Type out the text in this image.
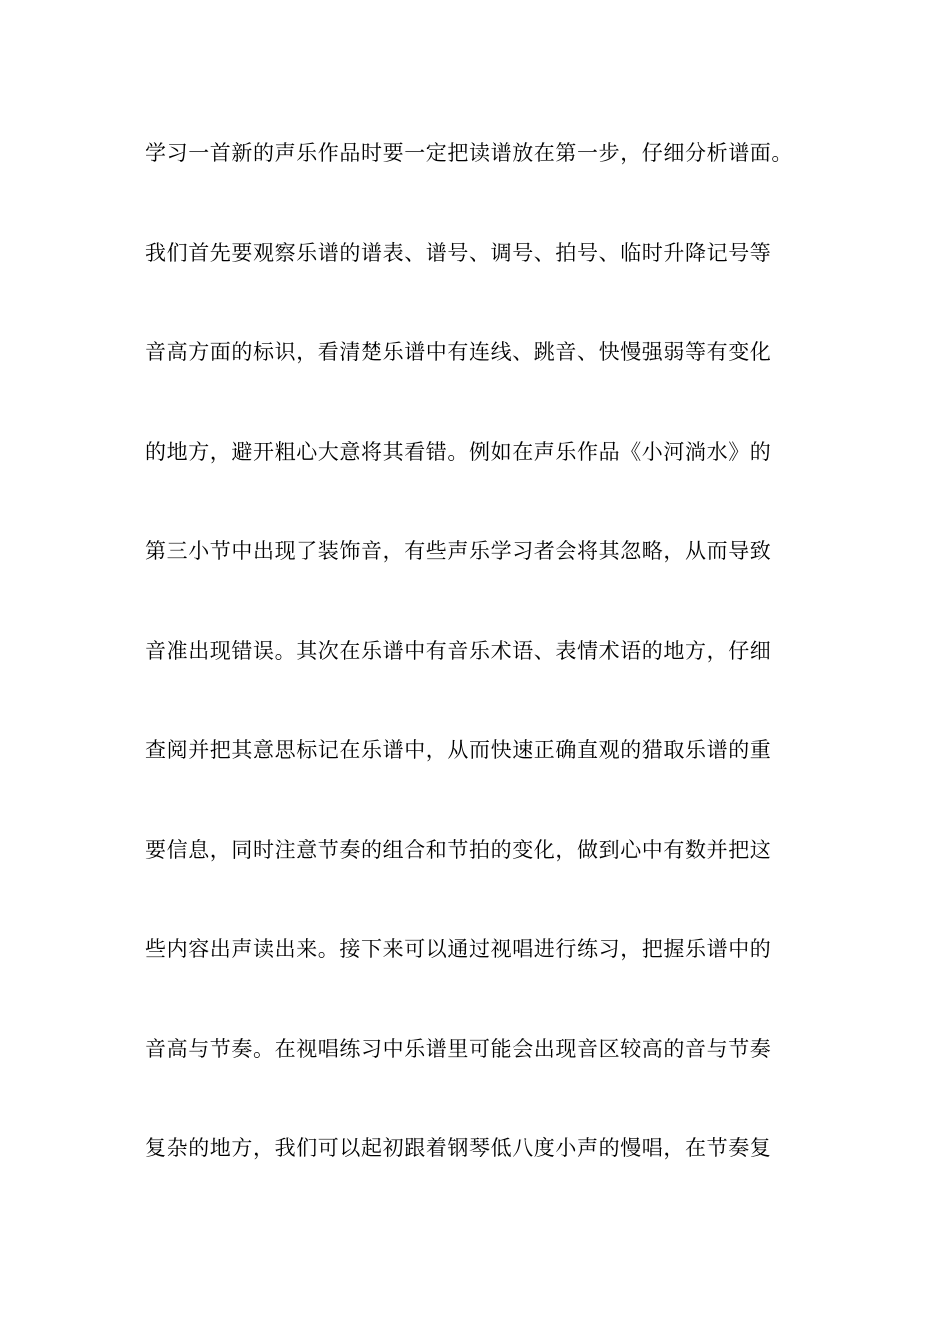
学习一首新的声乐作品时要一定把读谱放在第一步，仔细分析谱面。
我们首先要观察乐谱的谱表、谱号、调号、拍号、临时升降记号等
音高方面的标识，看清楚乐谱中有连线、跳音、快慢强弱等有变化
的地方，避开粗心大意将其看错。例如在声乐作品《小河淌水》的
第三小节中出现了装饰音，有些声乐学习者会将其忽略，从而导致
音准出现错误。其次在乐谱中有音乐术语、表情术语的地方，仔细
查阅并把其意思标记在乐谱中，从而快速正确直观的猎取乐谱的重
要信息，同时注意节奏的组合和节拍的变化，做到心中有数并把这
些内容出声读出来。接下来可以通过视唱进行练习，把握乐谱中的
音高与节奏。在视唱练习中乐谱里可能会出现音区较高的音与节奏
复杂的地方，我们可以起初跟着钢琴低八度小声的慢唱，在节奏复
